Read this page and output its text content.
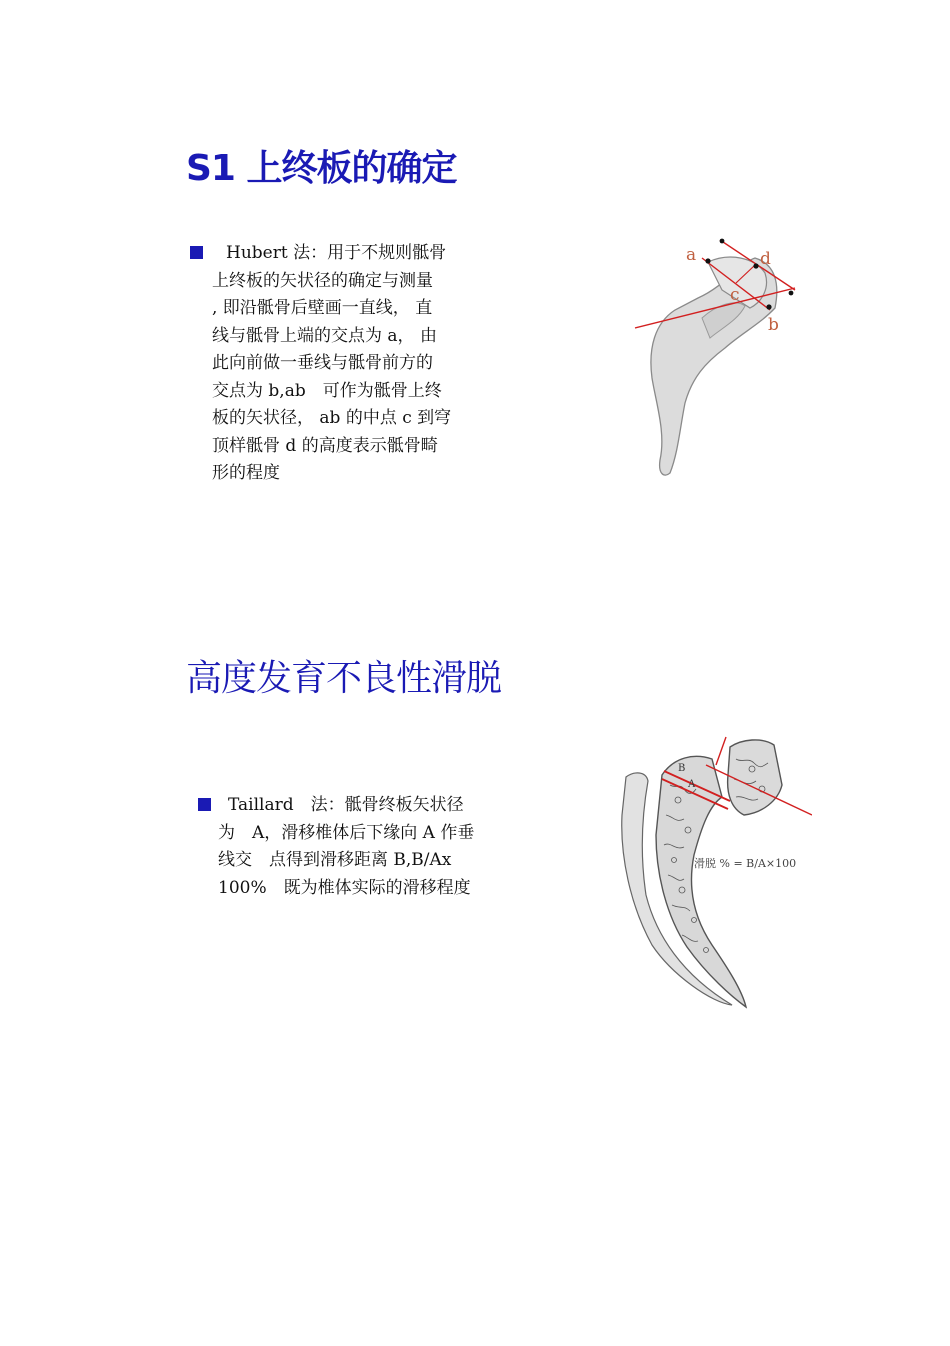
S1 上终板的确定
Hubert 法：用于不规则骶骨
上终板的矢状径的确定与测量
, 即沿骶骨后壁画一直线， 直
线与骶骨上端的交点为 a， 由
此向前做一垂线与骶骨前方的
交点为 b,ab　可作为骶骨上终
板的矢状径， ab 的中点 c 到穹
顶样骶骨 d 的高度表示骶骨畸
形的程度
a	d
c
b
高度发育不良性滑脱
Taillard　法：骶骨终板矢状径
为　A，滑移椎体后下缘向 A 作垂
线交　点得到滑移距离 B,B/Ax
100%　既为椎体实际的滑移程度
B
A
滑脱 % = B/A×100
